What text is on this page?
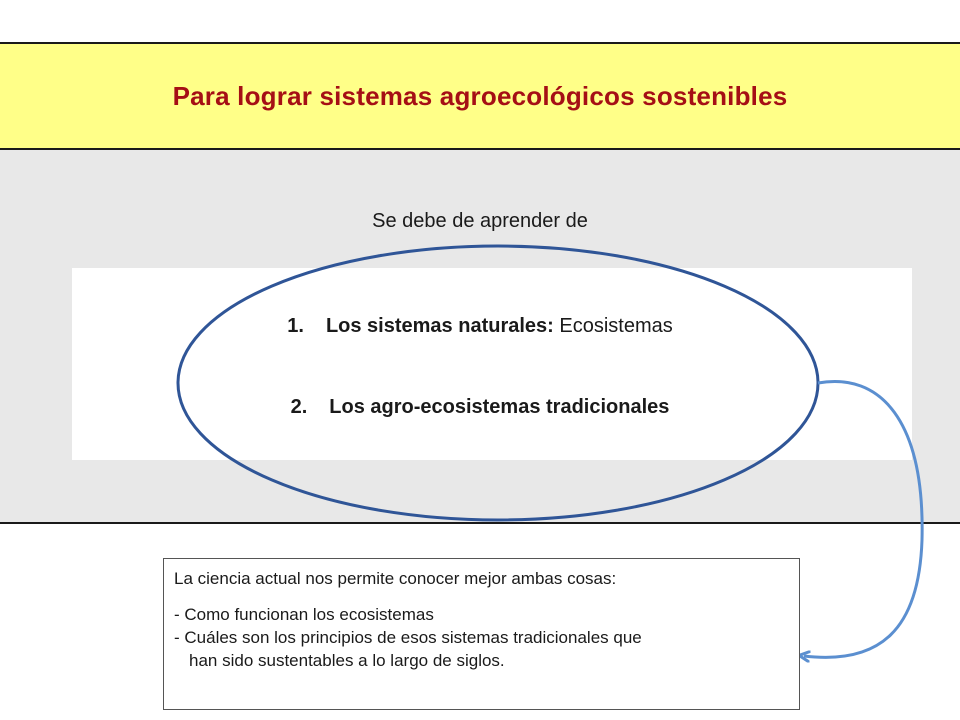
Para lograr sistemas agroecológicos sostenibles
Se debe de aprender de
1. Los sistemas naturales: Ecosistemas
2. Los agro-ecosistemas tradicionales
La ciencia actual nos permite conocer mejor ambas cosas:
- Como funcionan los ecosistemas
- Cuáles son los principios de esos sistemas tradicionales que
han sido sustentables a lo largo de siglos.
